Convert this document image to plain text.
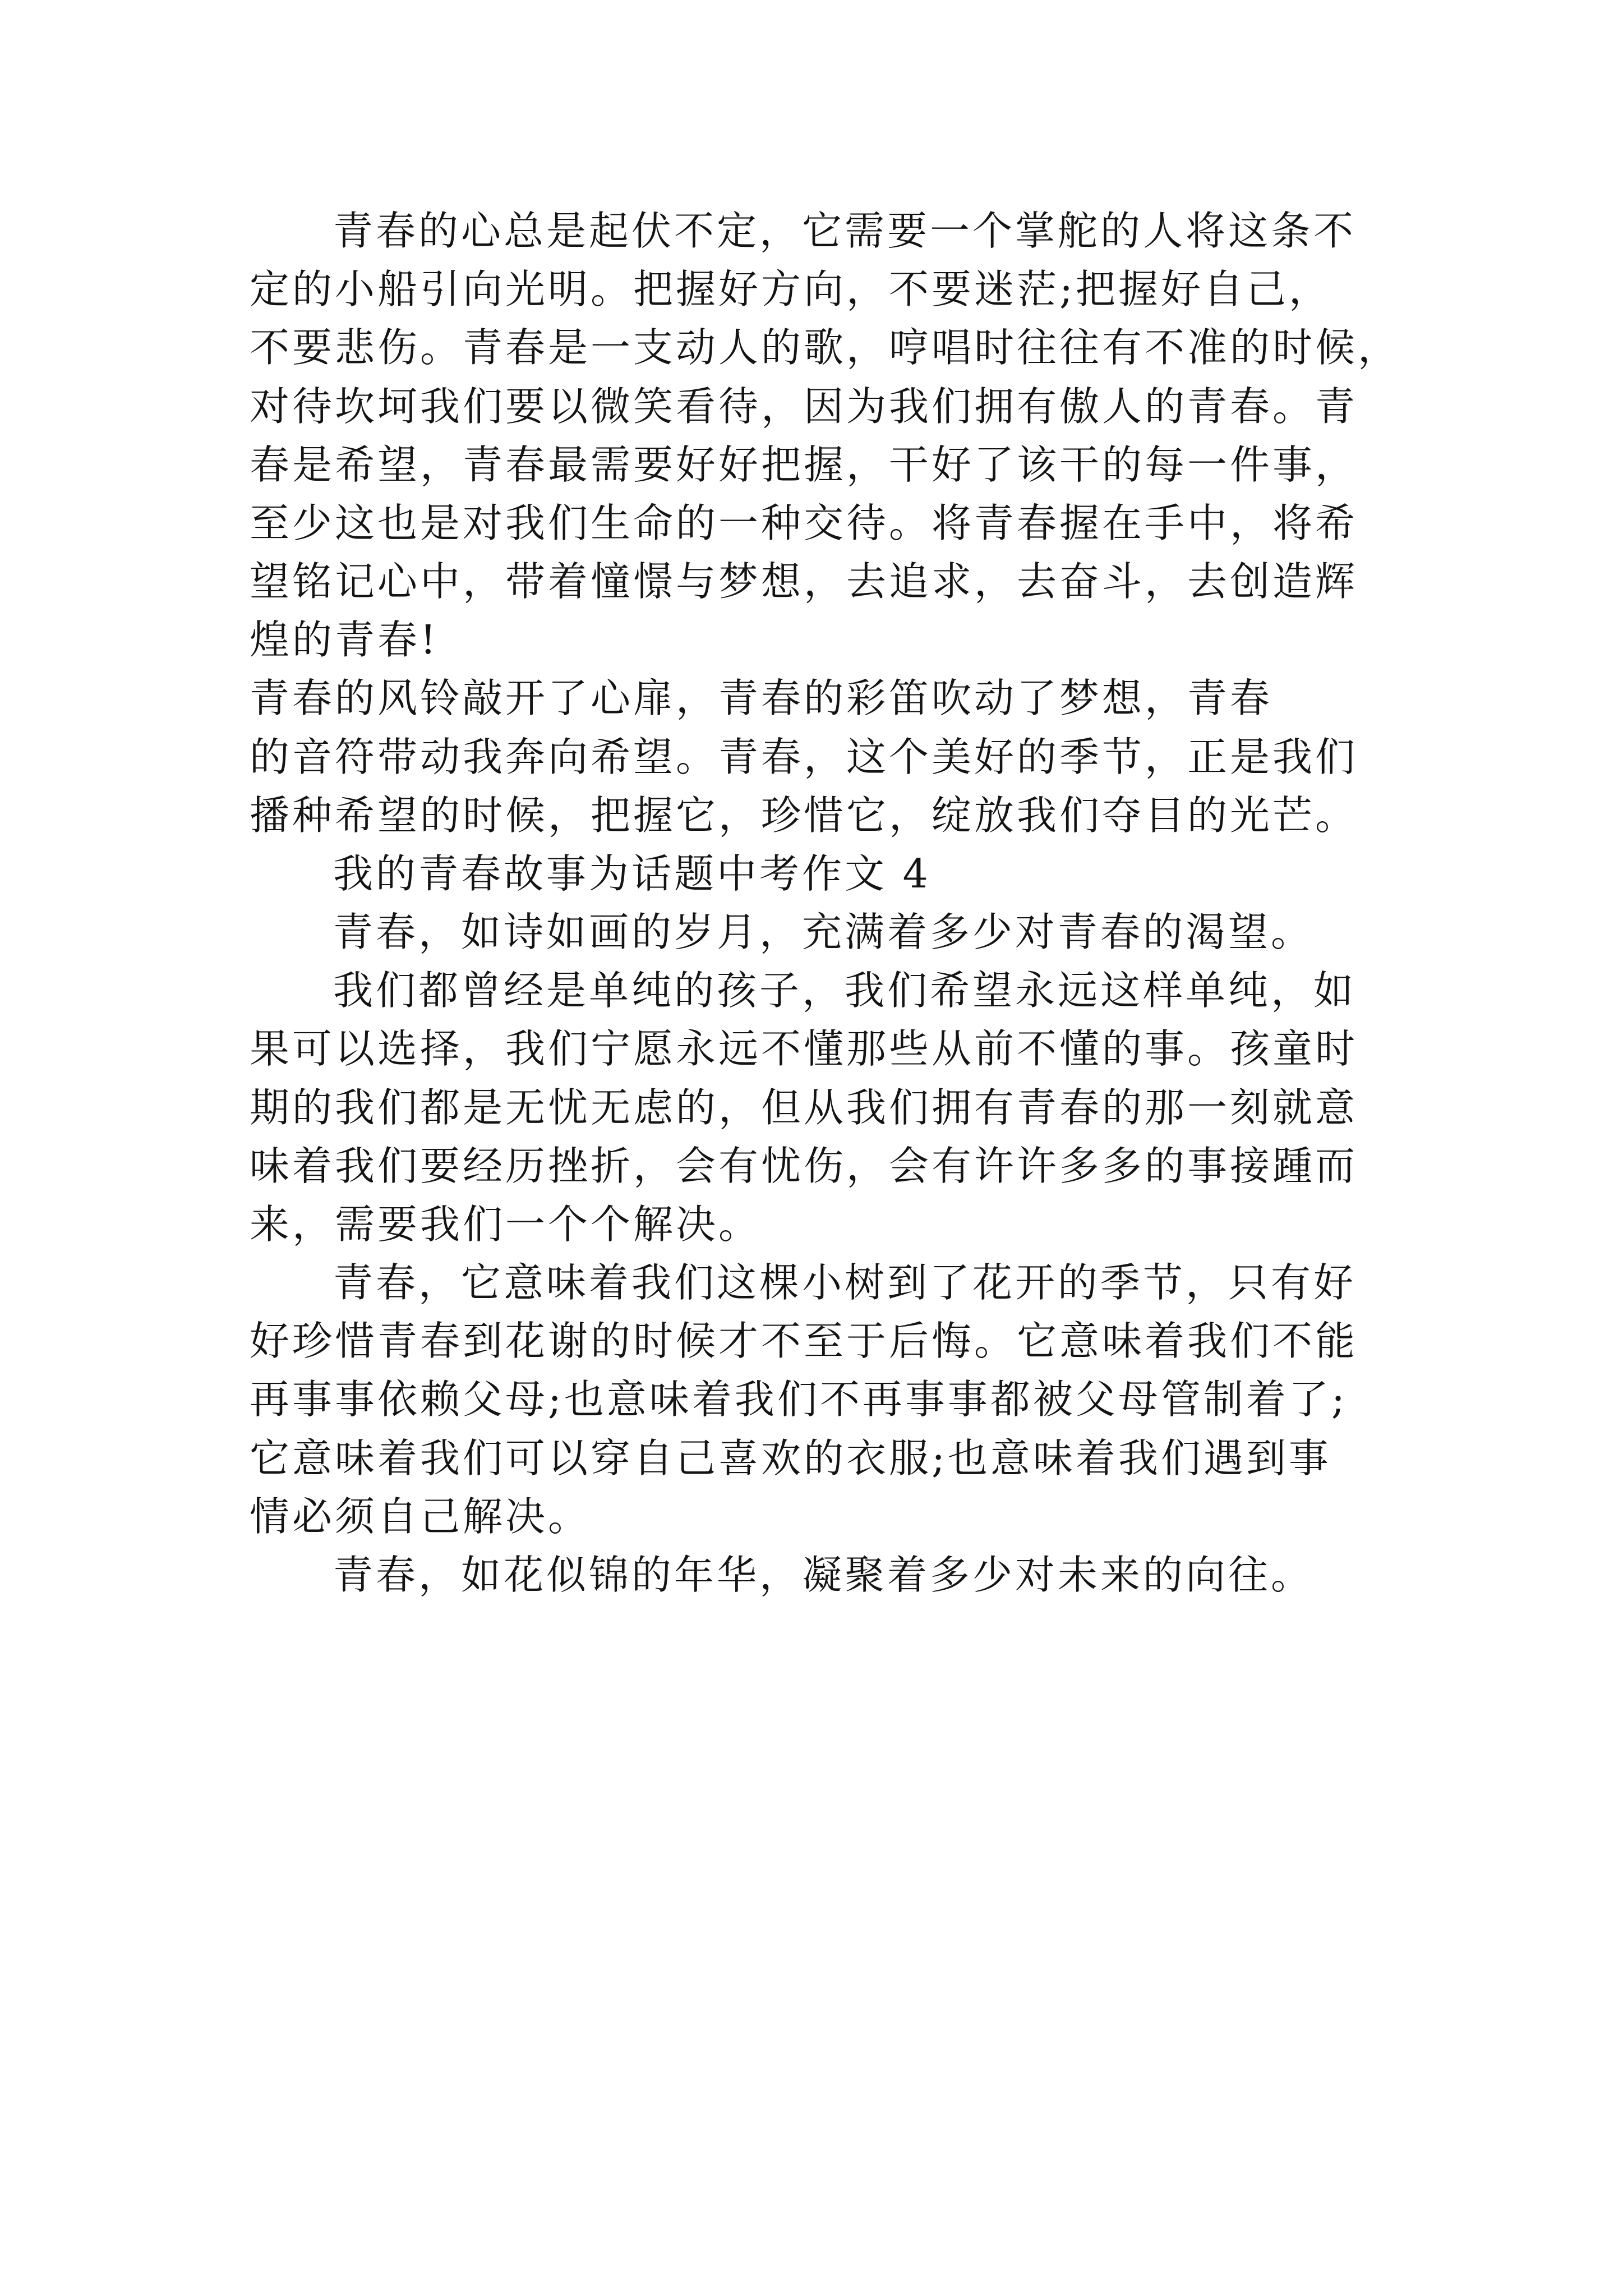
青春的心总是起伏不定，它需要一个掌舵的人将这条不
定的小船引向光明。把握好方向，不要迷茫;把握好自己，
不要悲伤。青春是一支动人的歌，哼唱时往往有不准的时候，
对待坎坷我们要以微笑看待，因为我们拥有傲人的青春。青
春是希望，青春最需要好好把握，干好了该干的每一件事，
至少这也是对我们生命的一种交待。将青春握在手中，将希
望铭记心中，带着憧憬与梦想，去追求，去奋斗，去创造辉
煌的青春!
青春的风铃敲开了心扉，青春的彩笛吹动了梦想，青春
的音符带动我奔向希望。青春，这个美好的季节，正是我们
播种希望的时候，把握它，珍惜它，绽放我们夺目的光芒。
我的青春故事为话题中考作文 4
青春，如诗如画的岁月，充满着多少对青春的渴望。
我们都曾经是单纯的孩子，我们希望永远这样单纯，如
果可以选择，我们宁愿永远不懂那些从前不懂的事。孩童时
期的我们都是无忧无虑的，但从我们拥有青春的那一刻就意
味着我们要经历挫折，会有忧伤，会有许许多多的事接踵而
来，需要我们一个个解决。
青春，它意味着我们这棵小树到了花开的季节，只有好
好珍惜青春到花谢的时候才不至于后悔。它意味着我们不能
再事事依赖父母;也意味着我们不再事事都被父母管制着了;
它意味着我们可以穿自己喜欢的衣服;也意味着我们遇到事
情必须自己解决。
青春，如花似锦的年华，凝聚着多少对未来的向往。
